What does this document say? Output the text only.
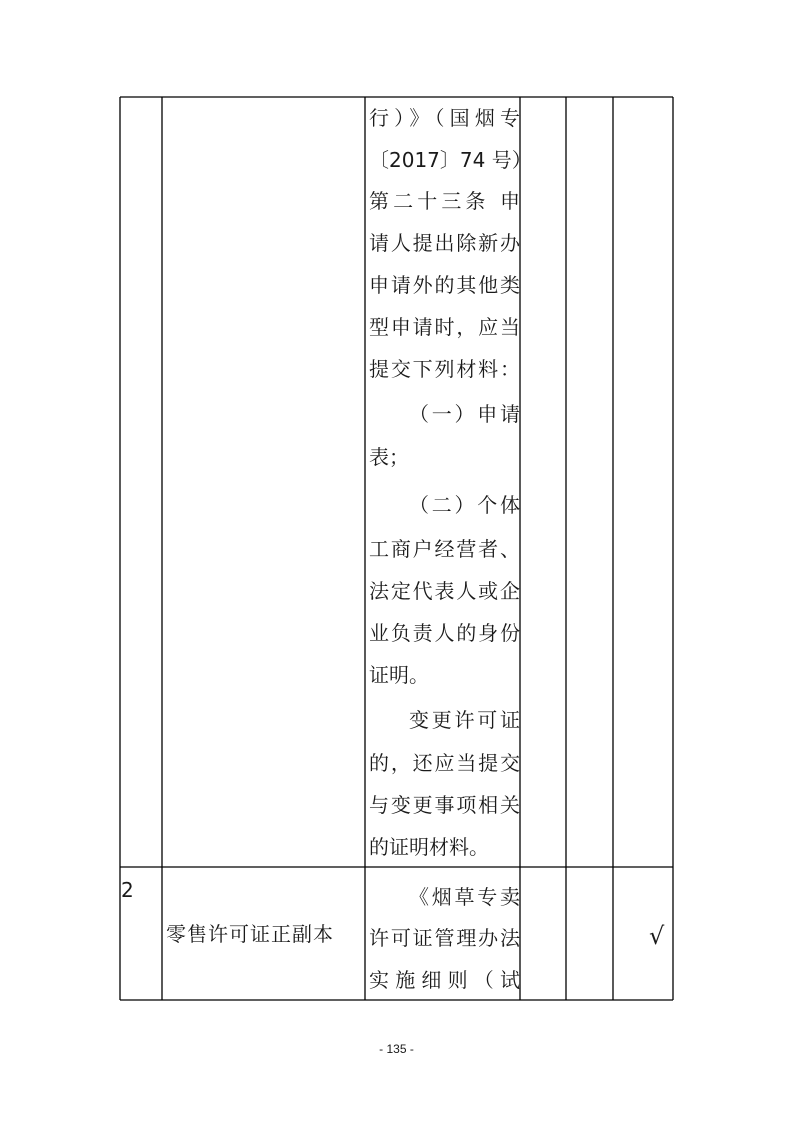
行）》（国烟专
〔2017〕74 号）
第二十三条 申
请人提出除新办
申请外的其他类
型申请时，应当
提交下列材料：
（一）申请
表；
（二）个体
工商户经营者、
法定代表人或企
业负责人的身份
证明。
变更许可证
的，还应当提交
与变更事项相关
的证明材料。
2
零售许可证正副本
《烟草专卖
许可证管理办法
实施细则（试
√
- 135 -
